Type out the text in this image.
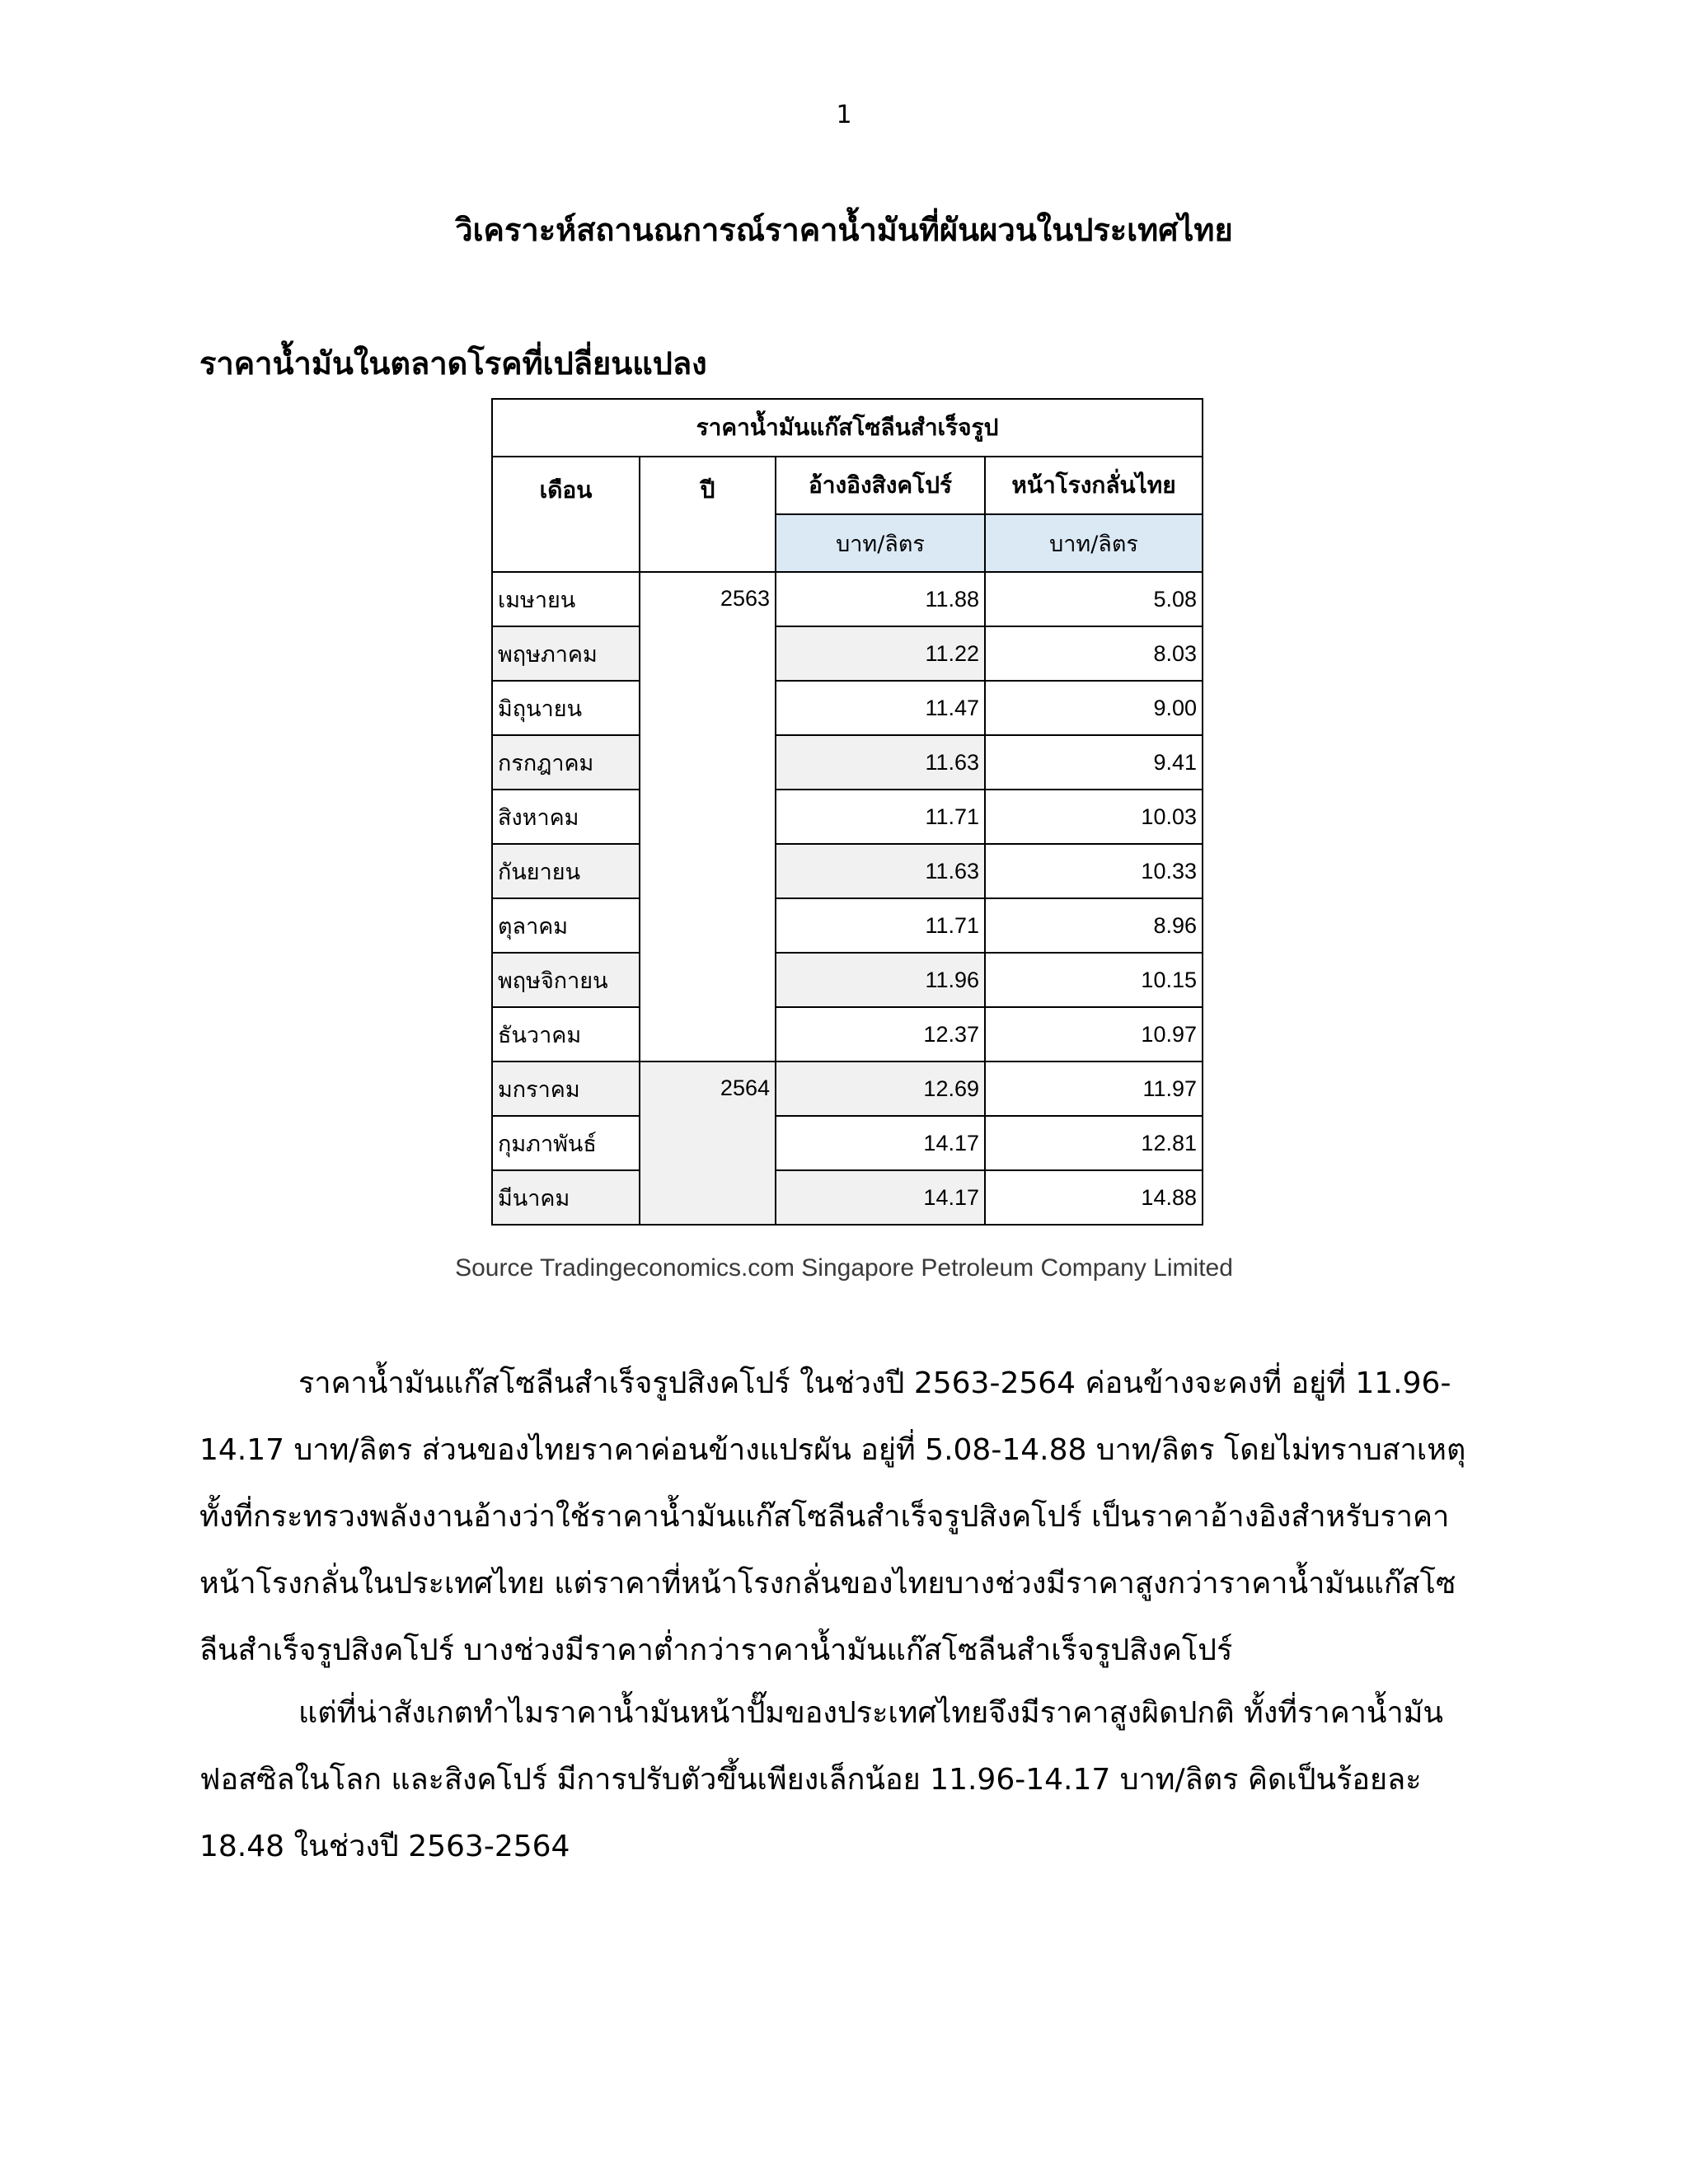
1
วิเคราะห์สถานณการณ์ราคาน้ำมันที่ผันผวนในประเทศไทย
ราคาน้ำมันในตลาดโรคที่เปลี่ยนแปลง
ราคาน้ำมันแก๊สโซลีนสำเร็จรูป			
เดือน	ปี	อ้างอิงสิงคโปร์	หน้าโรงกลั่นไทย
		บาท/ลิตร	บาท/ลิตร
เมษายน	2563	11.88	5.08
พฤษภาคม		11.22	8.03
มิถุนายน		11.47	9.00
กรกฎาคม		11.63	9.41
สิงหาคม		11.71	10.03
กันยายน		11.63	10.33
ตุลาคม		11.71	8.96
พฤษจิกายน		11.96	10.15
ธันวาคม		12.37	10.97
มกราคม	2564	12.69	11.97
กุมภาพันธ์		14.17	12.81
มีนาคม		14.17	14.88
Source Tradingeconomics.com Singapore Petroleum Company Limited

ราคาน้ำมันแก๊สโซลีนสำเร็จรูปสิงคโปร์ ในช่วงปี 2563-2564 ค่อนข้างจะคงที่ อยู่ที่ 11.96-14.17 บาท/ลิตร ส่วนของไทยราคาค่อนข้างแปรผัน อยู่ที่ 5.08-14.88 บาท/ลิตร โดยไม่ทราบสาเหตุทั้งที่กระทรวงพลังงานอ้างว่าใช้ราคาน้ำมันแก๊สโซลีนสำเร็จรูปสิงคโปร์ เป็นราคาอ้างอิงสำหรับราคาหน้าโรงกลั่นในประเทศไทย แต่ราคาที่หน้าโรงกลั่นของไทยบางช่วงมีราคาสูงกว่าราคาน้ำมันแก๊สโซลีนสำเร็จรูปสิงคโปร์ บางช่วงมีราคาต่ำกว่าราคาน้ำมันแก๊สโซลีนสำเร็จรูปสิงคโปร์

แต่ที่น่าสังเกตทำไมราคาน้ำมันหน้าปั๊มของประเทศไทยจึงมีราคาสูงผิดปกติ ทั้งที่ราคาน้ำมันฟอสซิลในโลก และสิงคโปร์ มีการปรับตัวขึ้นเพียงเล็กน้อย 11.96-14.17 บาท/ลิตร คิดเป็นร้อยละ 18.48 ในช่วงปี 2563-2564
